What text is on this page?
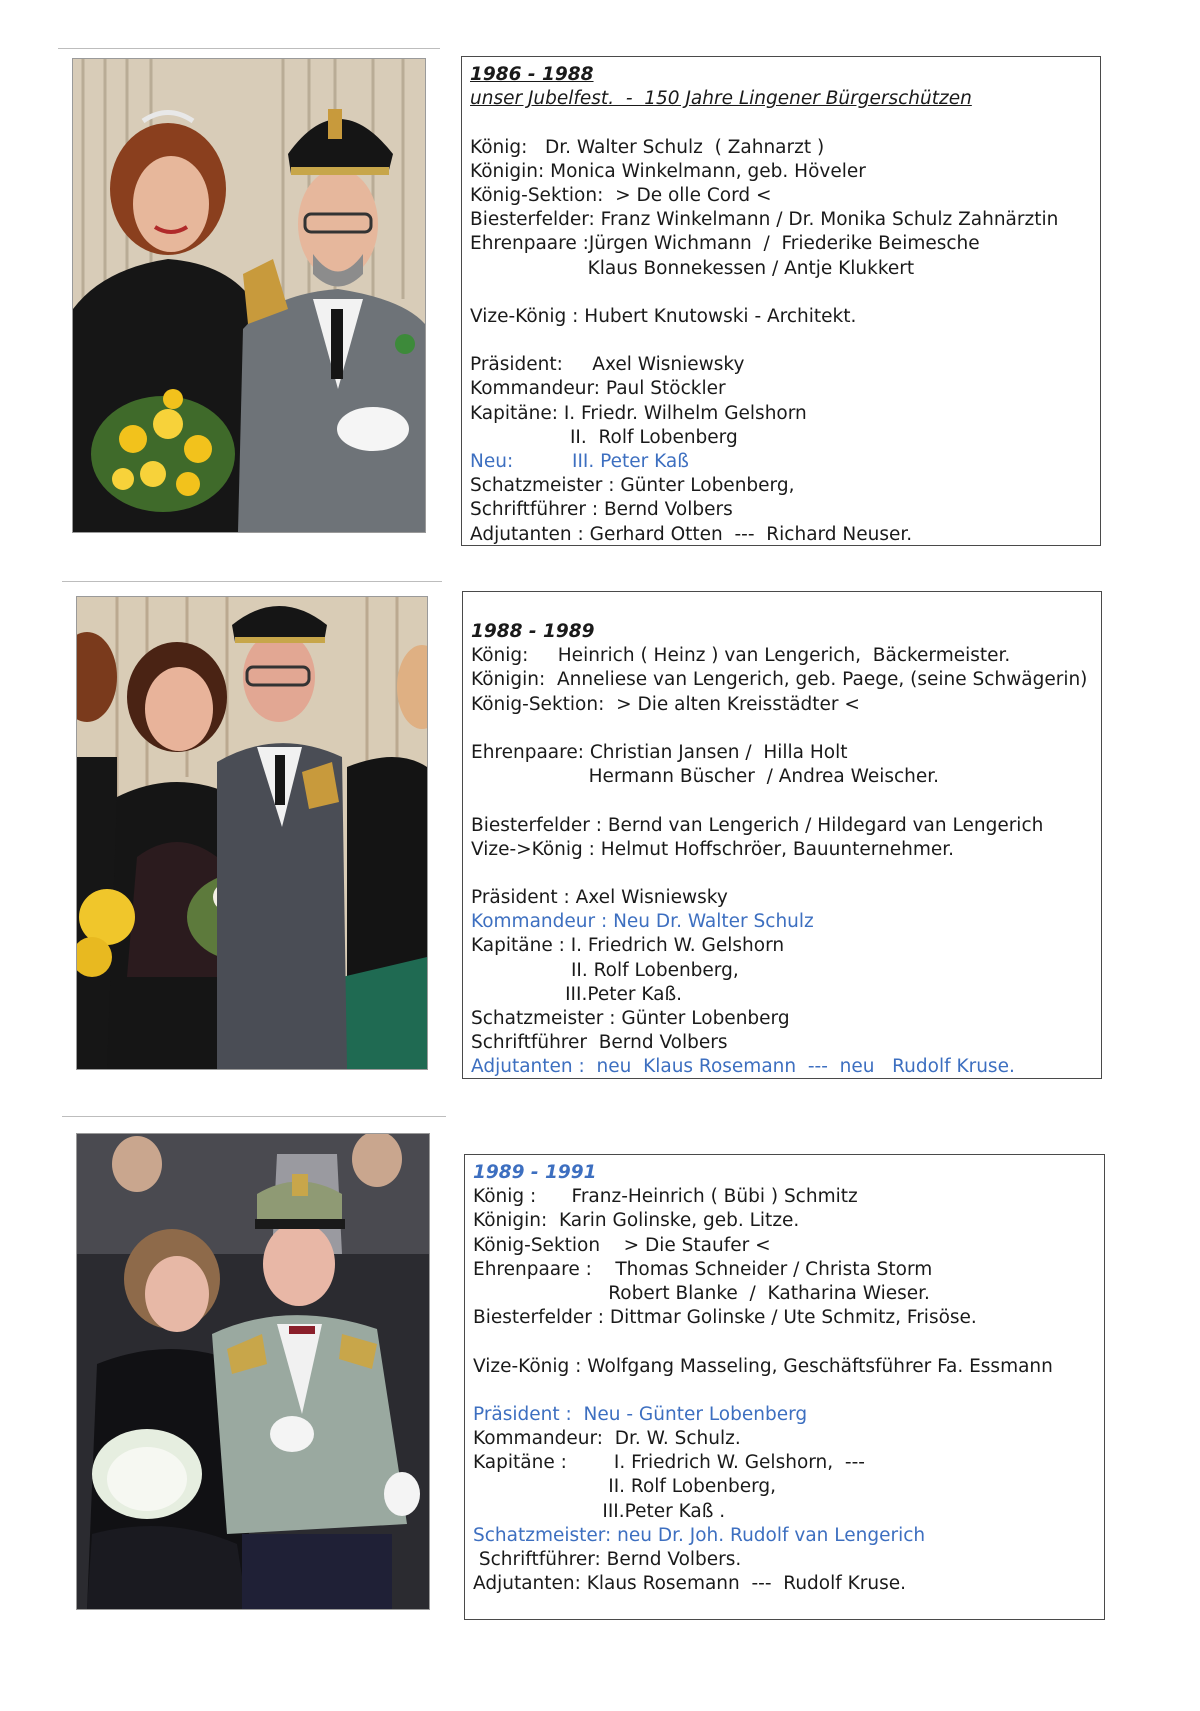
1986 - 1988
unser Jubelfest.  -  150 Jahre Lingener Bürgerschützen
König:   Dr. Walter Schulz  ( Zahnarzt )
Königin: Monica Winkelmann, geb. Höveler
König-Sektion:  > De olle Cord <
Biesterfelder: Franz Winkelmann / Dr. Monika Schulz Zahnärztin
Ehrenpaare :Jürgen Wichmann  /  Friederike Beimesche
Klaus Bonnekessen / Antje Klukkert
Vize-König : Hubert Knutowski - Architekt.
Präsident:     Axel Wisniewsky
Kommandeur: Paul Stöckler
Kapitäne: I. Friedr. Wilhelm Gelshorn
II.  Rolf Lobenberg
Neu:          III. Peter Kaß
Schatzmeister : Günter Lobenberg,
Schriftführer : Bernd Volbers
Adjutanten : Gerhard Otten  ---  Richard Neuser.
1988 - 1989
König:     Heinrich ( Heinz ) van Lengerich,  Bäckermeister.
Königin:  Anneliese van Lengerich, geb. Paege, (seine Schwägerin)
König-Sektion:  > Die alten Kreisstädter <
Ehrenpaare: Christian Jansen /  Hilla Holt
Hermann Büscher  / Andrea Weischer.
Biesterfelder : Bernd van Lengerich / Hildegard van Lengerich
Vize->König : Helmut Hoffschröer, Bauunternehmer.
Präsident : Axel Wisniewsky
Kommandeur : Neu Dr. Walter Schulz
Kapitäne : I. Friedrich W. Gelshorn
II. Rolf Lobenberg,
III.Peter Kaß.
Schatzmeister : Günter Lobenberg
Schriftführer  Bernd Volbers
Adjutanten :  neu  Klaus Rosemann  ---  neu   Rudolf Kruse.
1989 - 1991
König :      Franz-Heinrich ( Bübi ) Schmitz
Königin:  Karin Golinske, geb. Litze.
König-Sektion    > Die Staufer <
Ehrenpaare :    Thomas Schneider / Christa Storm
Robert Blanke  /  Katharina Wieser.
Biesterfelder : Dittmar Golinske / Ute Schmitz, Frisöse.
Vize-König : Wolfgang Masseling, Geschäftsführer Fa. Essmann
Präsident :  Neu - Günter Lobenberg
Kommandeur:  Dr. W. Schulz.
Kapitäne :        I. Friedrich W. Gelshorn,  ---
II. Rolf Lobenberg,
III.Peter Kaß .
Schatzmeister: neu Dr. Joh. Rudolf van Lengerich
Schriftführer: Bernd Volbers.
Adjutanten: Klaus Rosemann  ---  Rudolf Kruse.
